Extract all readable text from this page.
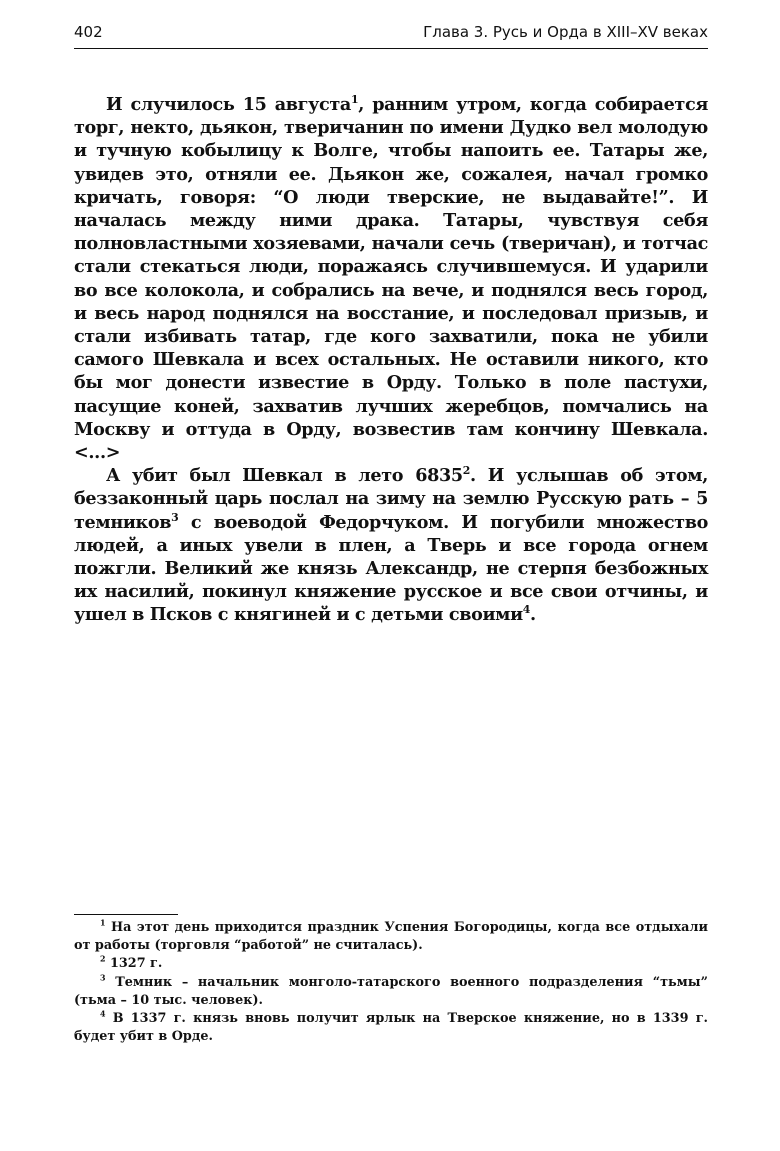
402	Глава 3. Русь и Орда в XIII–XV веках

И случилось 15 августа$^1$, ранним утром, когда собирается торг, некто, дьякон, тверичанин по имени Дудко вел молодую и тучную кобылицу к Волге, чтобы напоить ее. Татары же, увидев это, отняли ее. Дьякон же, сожалея, начал громко кричать, говоря: “О люди тверские, не выдавайте!”. И началась между ними драка. Татары, чувствуя себя полновластными хозяевами, начали сечь (тверичан), и тотчас стали стекаться люди, поражаясь случившемуся. И ударили во все колокола, и собрались на вече, и поднялся весь город, и весь народ поднялся на восстание, и последовал призыв, и стали избивать татар, где кого захватили, пока не убили самого Шевкала и всех остальных. Не оставили никого, кто бы мог донести известие в Орду. Только в поле пастухи, пасущие коней, захватив лучших жеребцов, помчались на Москву и оттуда в Орду, возвестив там кончину Шевкала. <...>

А убит был Шевкал в лето 6835$^2$. И услышав об этом, беззаконный царь послал на зиму на землю Русскую рать – 5 темников$^3$ с воеводой Федорчуком. И погубили множество людей, а иных увели в плен, а Тверь и все города огнем пожгли. Великий же князь Александр, не стерпя безбожных их насилий, покинул княжение русское и все свои отчины, и ушел в Псков с княгиней и с детьми своими$^4$.

$^1$ На этот день приходится праздник Успения Богородицы, когда все отдыхали от работы (торговля “работой” не считалась).

$^2$ 1327 г.

$^3$ Темник – начальник монголо-татарского военного подразделения “тьмы” (тьма – 10 тыс. человек).

$^4$ В 1337 г. князь вновь получит ярлык на Тверское княжение, но в 1339 г. будет убит в Орде.
